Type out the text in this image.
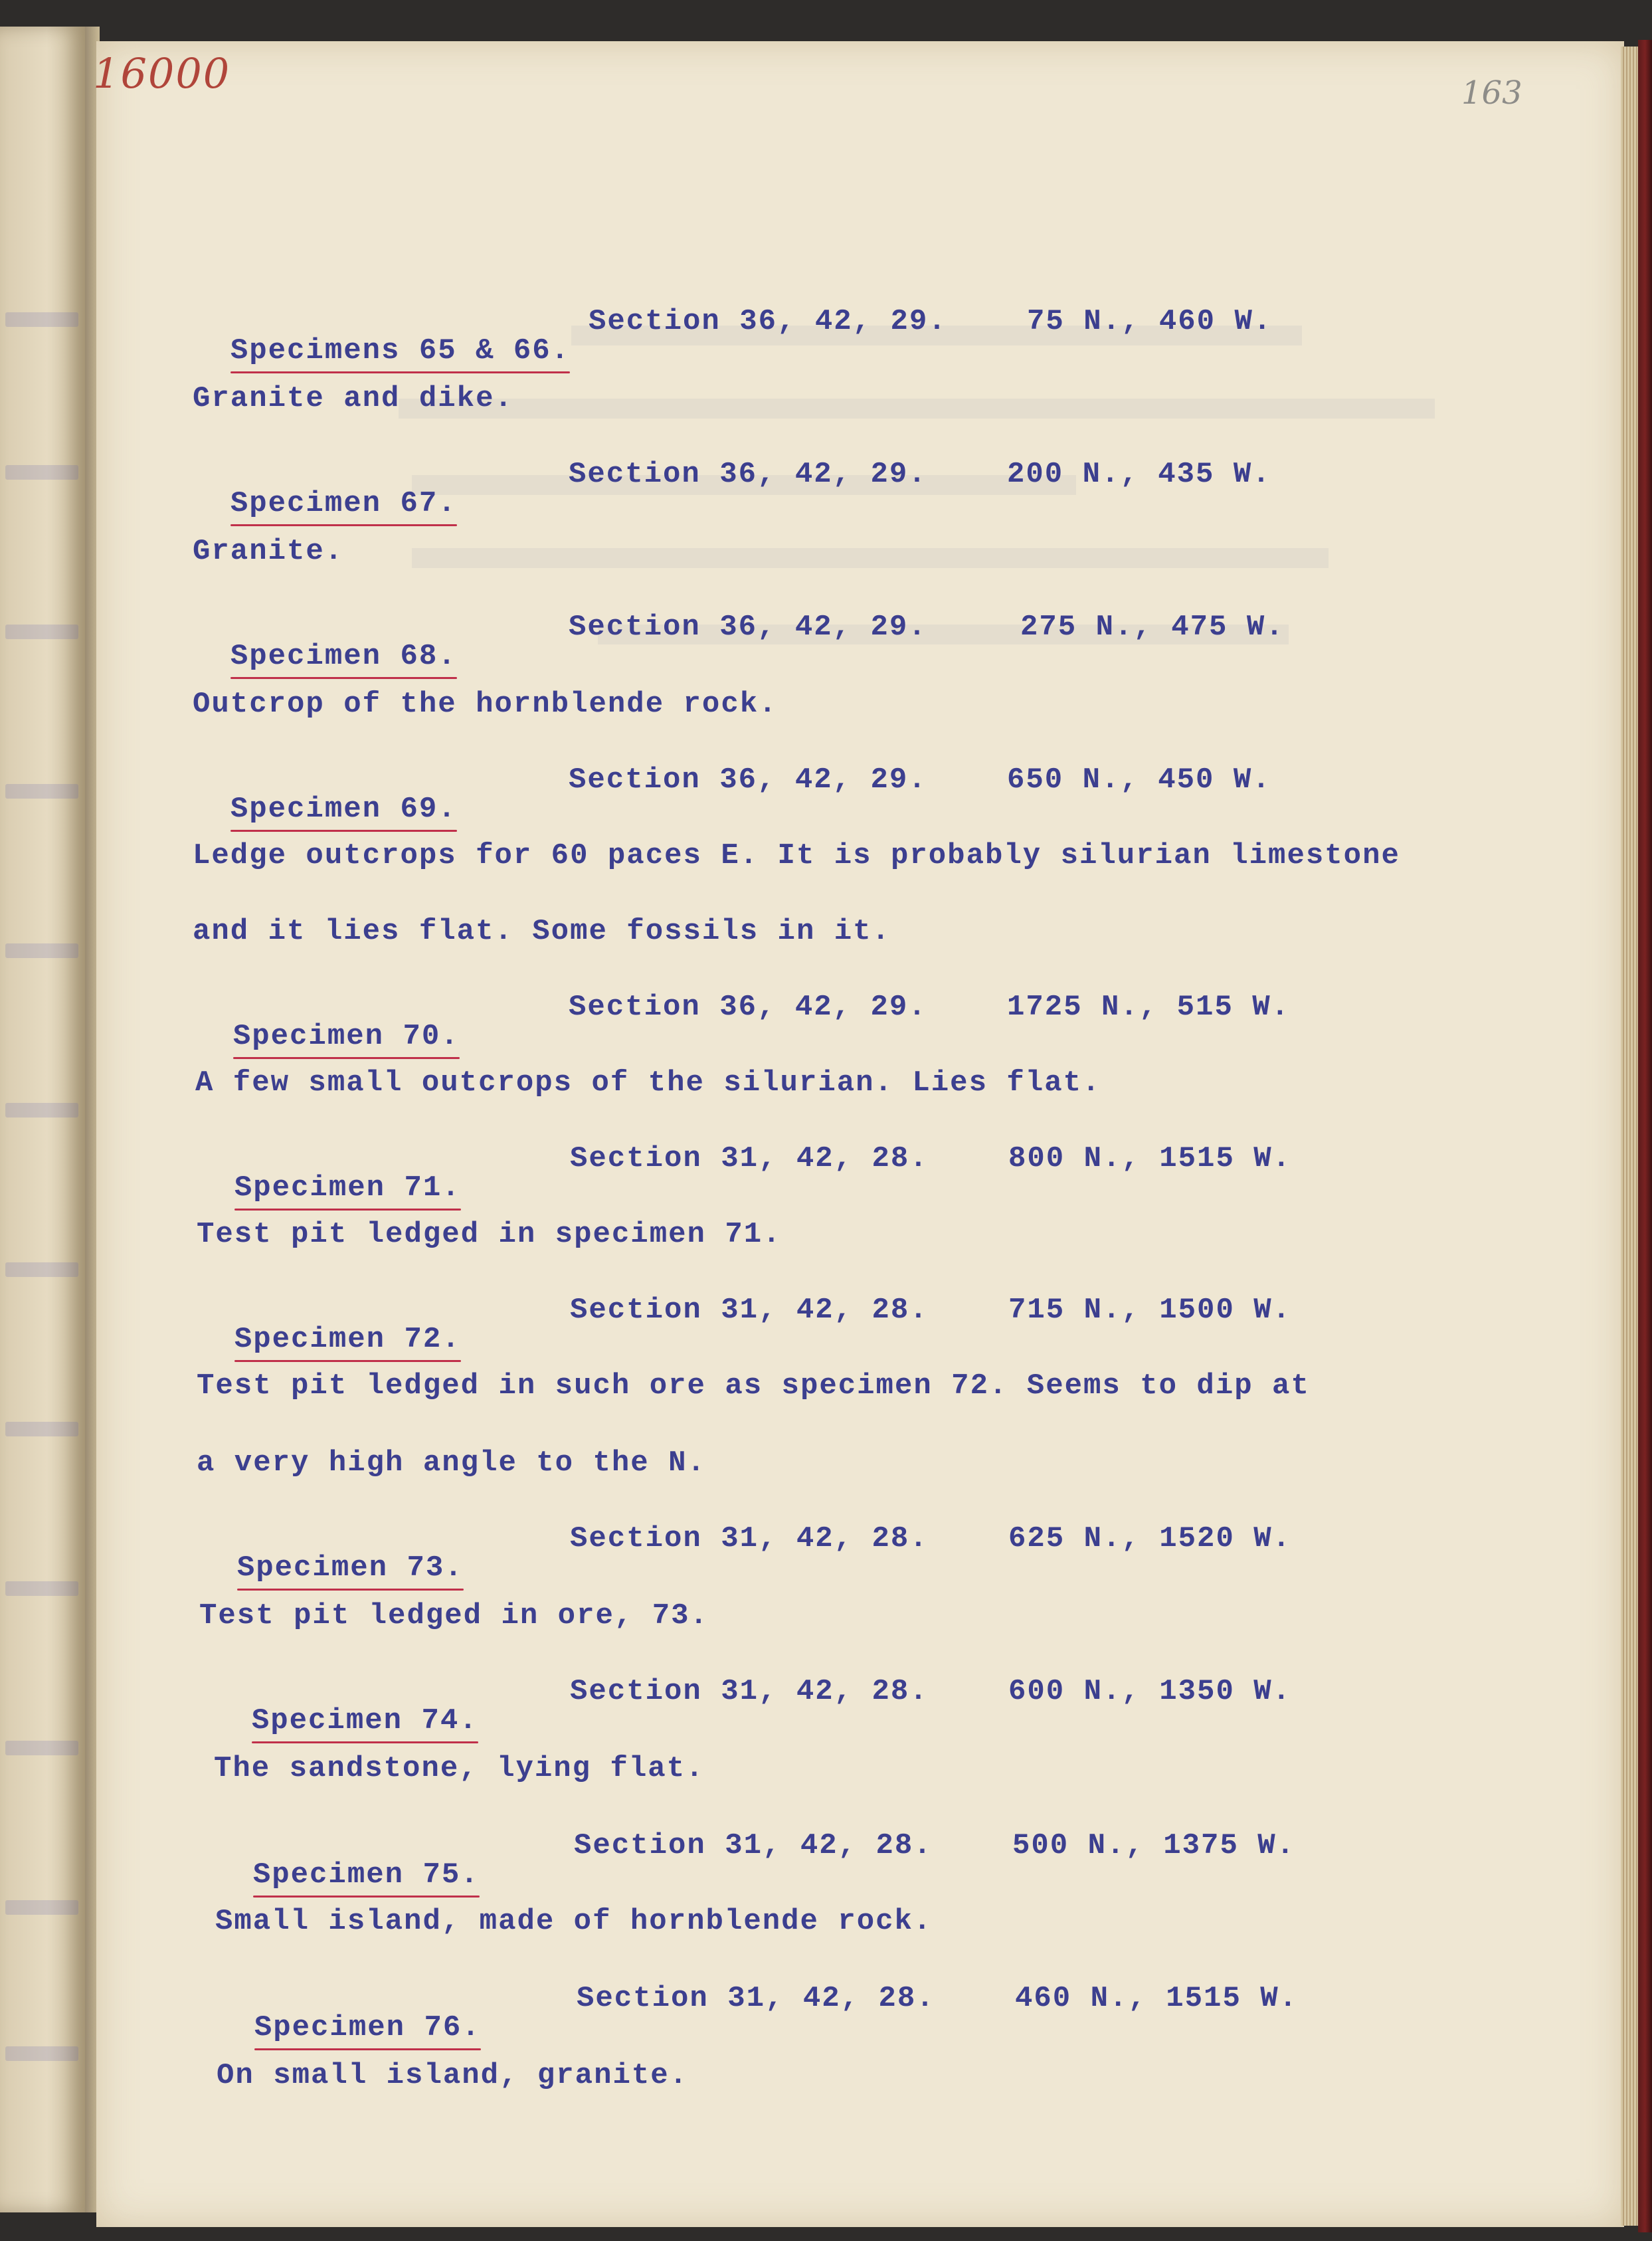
16000	163

Specimens 65 & 66.

Section 36, 42, 29.

	75 N., 460 W.

Granite and dike.

Specimen 67.

Section 36, 42, 29.

	200 N., 435 W.

Granite.

Specimen 68.

Section 36, 42, 29.

	275 N., 475 W.

Outcrop of the hornblende rock.

Specimen 69.

Section 36, 42, 29.

	650 N., 450 W.

Ledge outcrops for 60 paces E. It is probably silurian limestone
and it lies flat. Some fossils in it.

Specimen 70.

Section 36, 42, 29.

	1725 N., 515 W.

A few small outcrops of the silurian. Lies flat.

Specimen 71.

Section 31, 42, 28.

	800 N., 1515 W.

Test pit ledged in specimen 71.

Specimen 72.

Section 31, 42, 28.

	715 N., 1500 W.

Test pit ledged in such ore as specimen 72. Seems to dip at
a very high angle to the N.

Specimen 73.

Section 31, 42, 28.

	625 N., 1520 W.

Test pit ledged in ore, 73.

Specimen 74.

Section 31, 42, 28.

	600 N., 1350 W.

The sandstone, lying flat.

Specimen 75.

Section 31, 42, 28.

	500 N., 1375 W.

Small island, made of hornblende rock.

Specimen 76.

Section 31, 42, 28.

	460 N., 1515 W.

On small island, granite.
